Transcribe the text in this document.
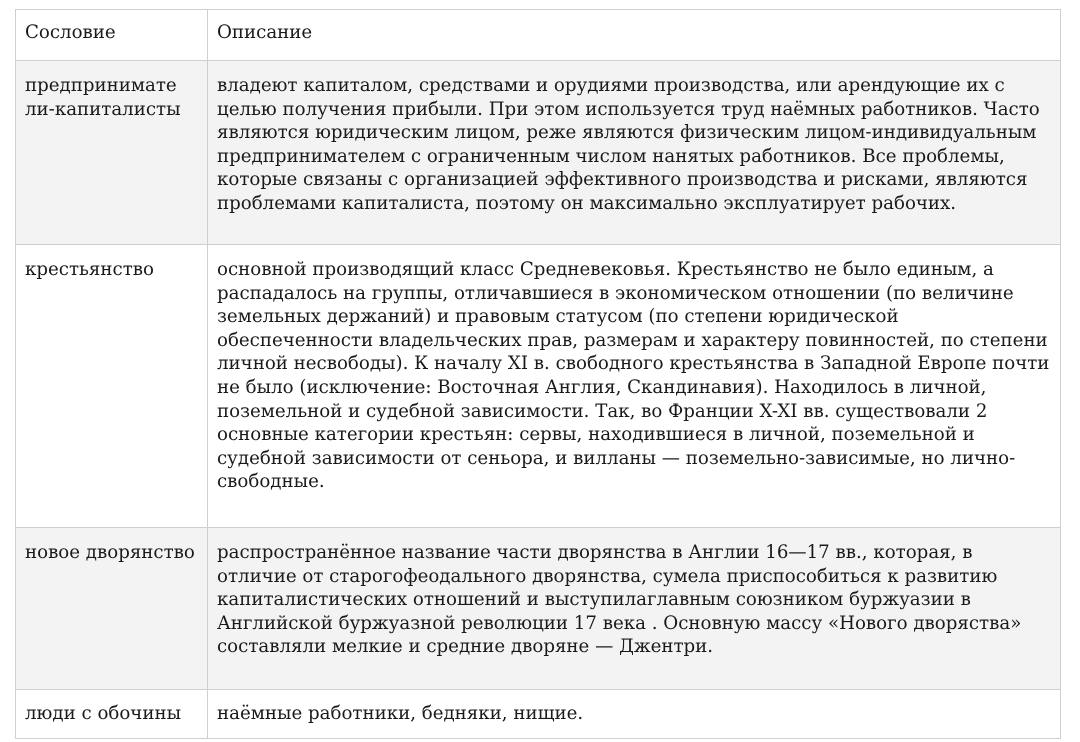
Сословие	Описание
предпринимате ли-капиталисты	владеют капиталом, средствами и орудиями производства, или арендующие их с целью получения прибыли. При этом используется труд наёмных работников. Часто являются юридическим лицом, реже являются физическим лицом-индивидуальным предпринимателем с ограниченным числом нанятых работников. Все проблемы, которые связаны с организацией эффективного производства и рисками, являются проблемами капиталиста, поэтому он максимально эксплуатирует рабочих.
крестьянство	основной производящий класс Средневековья. Крестьянство не было единым, а распадалось на группы, отличавшиеся в экономическом отношении (по величине земельных держаний) и правовым статусом (по степени юридической обеспеченности владельческих прав, размерам и характеру повинностей, по степени личной несвободы). К началу XI в. свободного крестьянства в Западной Европе почти не было (исключение: Восточная Англия, Скандинавия). Находилось в личной, поземельной и судебной зависимости. Так, во Франции X-XI вв. существовали 2 основные категории крестьян: сервы, находившиеся в личной, поземельной и судебной зависимости от сеньора, и вилланы — поземельно-зависимые, но лично-свободные.
новое дворянство	распространённое название части дворянства в Англии 16—17 вв., которая, в отличие от старогофеодального дворянства, сумела приспособиться к развитию капиталистических отношений и выступилаглавным союзником буржуазии в Английской буржуазной революции 17 века . Основную массу «Нового дворяства» составляли мелкие и средние дворяне — Джентри.
люди с обочины	наёмные работники, бедняки, нищие.
